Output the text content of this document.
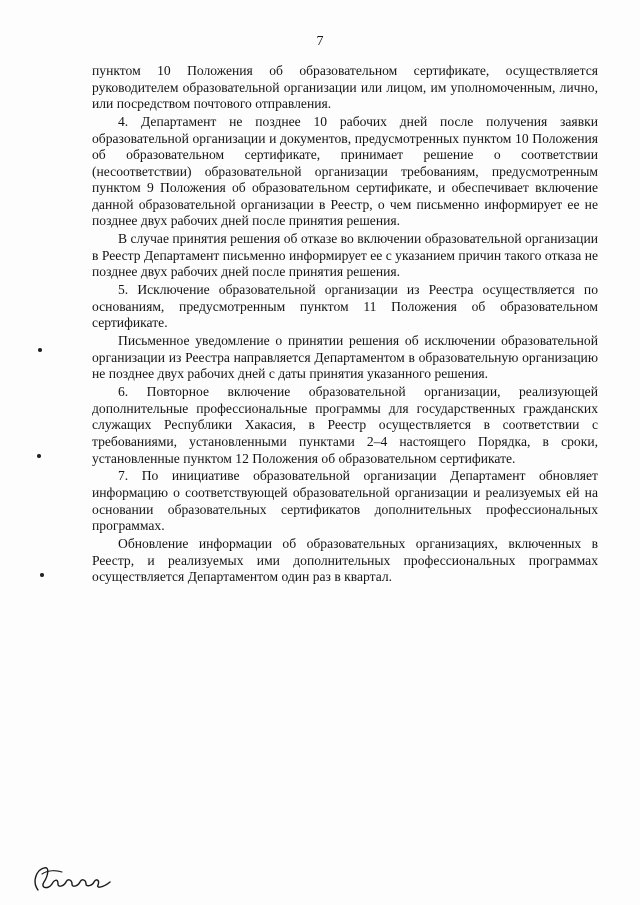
7

пунктом 10 Положения об образовательном сертификате, осуществляется руководителем образовательной организации или лицом, им уполномоченным, лично, или посредством почтового отправления.

4. Департамент не позднее 10 рабочих дней после получения заявки образовательной организации и документов, предусмотренных пунктом 10 Положения об образовательном сертификате, принимает решение о соответствии (несоответствии) образовательной организации требованиям, предусмотренным пунктом 9 Положения об образовательном сертификате, и обеспечивает включение данной образовательной организации в Реестр, о чем письменно информирует ее не позднее двух рабочих дней после принятия решения.

В случае принятия решения об отказе во включении образовательной организации в Реестр Департамент письменно информирует ее с указанием причин такого отказа не позднее двух рабочих дней после принятия решения.

5. Исключение образовательной организации из Реестра осуществляется по основаниям, предусмотренным пунктом 11 Положения об образовательном сертификате.

Письменное уведомление о принятии решения об исключении образовательной организации из Реестра направляется Департаментом в образовательную организацию не позднее двух рабочих дней с даты принятия указанного решения.

6. Повторное включение образовательной организации, реализующей дополнительные профессиональные программы для государственных гражданских служащих Республики Хакасия, в Реестр осуществляется в соответствии с требованиями, установленными пунктами 2–4 настоящего Порядка, в сроки, установленные пунктом 12 Положения об образовательном сертификате.

7. По инициативе образовательной организации Департамент обновляет информацию о соответствующей образовательной организации и реализуемых ей на основании образовательных сертификатов дополнительных профессиональных программах.

Обновление информации об образовательных организациях, включенных в Реестр, и реализуемых ими дополнительных профессиональных программах осуществляется Департаментом один раз в квартал.
